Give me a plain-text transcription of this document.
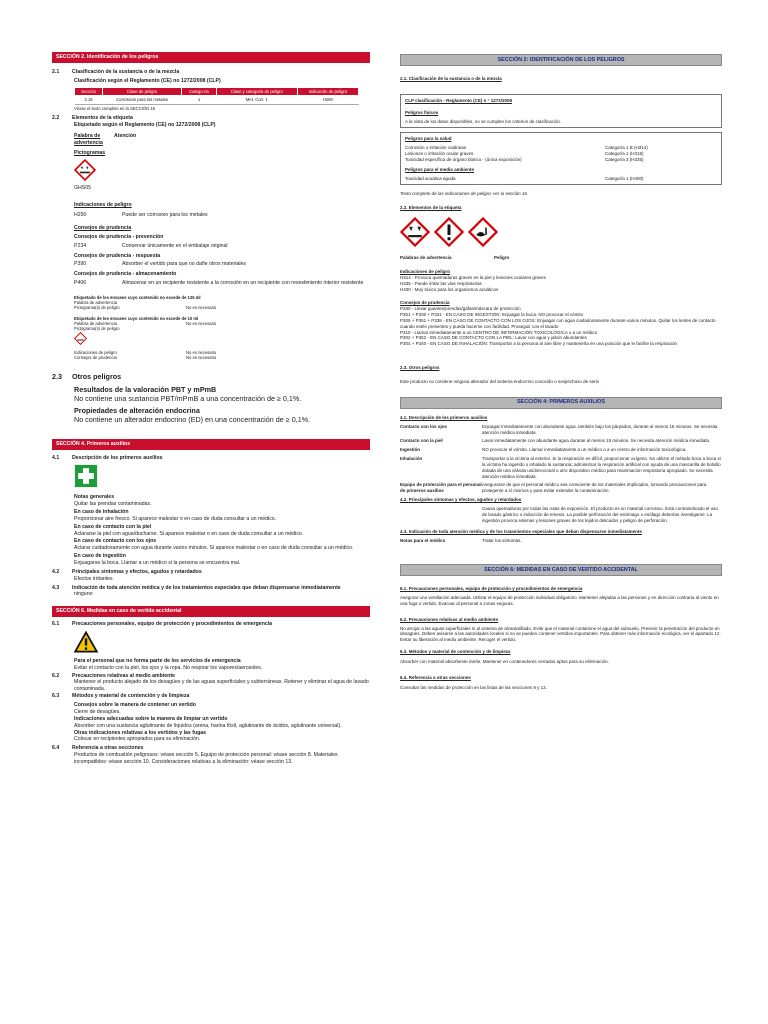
SECCIÓN 2. Identificación de los peligros
2.1 Clasificación de la sustancia o de la mezcla
Clasificación según el Reglamento (CE) no 1272/2008 (CLP)
Sección	Clase de peligro	Catego-ría	Clase y categoría de peligro	Indicación de peligro
2.16	Corrosivos para los metales	1	Met. Corr. 1	H290
Véase el texto completo en la SECCIÓN 16
2.2 Elementos de la etiqueta
Etiquetado según el Reglamento (CE) no 1272/2008 (CLP)
Palabra de advertencia
Atención
Pictogramas
GHS05
Indicaciones de peligro
H290	Puede ser corrosivo para los metales
Consejos de prudencia
Consejos de prudencia - prevención
P234	Conservar únicamente en el embalaje original
Consejos de prudencia - respuesta
P390	Absorber el vertido para que no dañe otros materiales
Consejos de prudencia - almacenamiento
P406	Almacenar en un recipiente resistente a la corrosión en un recipiente con revestimiento interior resistente
Etiquetado de los envases cuyo contenido no excede de 125 ml
Palabra de advertencia
Pictograma(s) de peligro	No es necesario
Etiquetado de los envases cuyo contenido no excede de 10 ml
Palabra de advertencia	No es necesario
Pictograma(s) de peligro
Indicaciones de peligro	No es necesario
Consejos de prudencia	No es necesario
2.3 Otros peligros
Resultados de la valoración PBT y mPmB
No contiene una sustancia PBT/mPmB a una concentración de ≥ 0,1%.
Propiedades de alteración endocrina
No contiene un alterador endocrino (ED) en una concentración de ≥ 0,1%.
SECCIÓN 4. Primeros auxilios
4.1 Descripción de los primeros auxilios
Notas generales
Quitar las prendas contaminadas.
En caso de inhalación
Proporcionar aire fresco. Si aparece malestar o en caso de duda consultar a un médico.
En caso de contacto con la piel
Aclararse la piel con agua/ducharse. Si aparece malestar o en caso de duda consultar a un médico.
En caso de contacto con los ojos
Aclarar cuidadosamente con agua durante varios minutos. Si aparece malestar o en caso de duda consultar a un médico.
En caso de ingestión
Enjuagarse la boca. Llamar a un médico si la persona se encuentra mal.
4.2 Principales síntomas y efectos, agudos y retardados
Efectos irritantes
4.3	Indicación de toda atención médica y de los tratamientos especiales que deban dispensarse inmediatamente
ninguno
SECCIÓN 6. Medidas en caso de vertido accidental
6.1 Precauciones personales, equipo de protección y procedimientos de emergencia
Para el personal que no forma parte de los servicios de emergencia
Evitar el contacto con la piel, los ojos y la ropa. No respirar los vapores/aerosoles.
6.2 Precauciones relativas al medio ambiente
Mantener el producto alejado de los desagües y de las aguas superficiales y subterráneas. Retener y eliminar el agua de lavado contaminada.
6.3 Métodos y material de contención y de limpieza
Consejos sobre la manera de contener un vertido
Cierre de desagües.
Indicaciones adecuadas sobre la manera de limpiar un vertido
Absorber con una sustancia aglutinante de líquidos (arena, harina fósil, aglutinante de ácidos, aglutinante universal).
Otras indicaciones relativas a los vertidos y las fugas
Colocar en recipientes apropiados para su eliminación.
6.4 Referencia a otras secciones
Productos de combustión peligrosos: véase sección 5. Equipo de protección personal: véase sección 8. Materiales incompatibles: véase sección 10. Consideraciones relativas a la eliminación: véase sección 13.
SECCIÓN 2: IDENTIFICACIÓN DE LOS PELIGROS
2.1. Clasificación de la sustancia o de la mezcla
CLP clasificación - Reglamento (CE) n ° 1272/2008
Peligros físicos
A la vista de los datos disponibles, no se cumplen los criterios de clasificación.
Peligros para la salud
Corrosión o irritación cutáneas	Categoría 1 B (H314)
Lesiones o irritación ocular graves	Categoría 1 (H318)
Toxicidad específica de órgano blanco - (única exposición)	Categoría 3 (H335)
Peligros para el medio ambiente
Toxicidad acuática aguda	Categoría 1 (H400)
Texto completo de las indicaciones de peligro: ver la sección 16
2.2. Elementos de la etiqueta
Palabras de advertencia	Peligro
Indicaciones de peligro
H314 - Provoca quemaduras graves en la piel y lesiones oculares graves
H335 - Puede irritar las vías respiratorias
H400 - Muy tóxico para los organismos acuáticos
Consejos de prudencia
P280 - Llevar guantes/prendas/gafas/máscara de protección
P301 + P330 + P331 - EN CASO DE INGESTIÓN: Enjuagar la boca. NO provocar el vómito
P305 + P351 + P338 - EN CASO DE CONTACTO CON LOS OJOS: Enjuagar con agua cuidadosamente durante varios minutos. Quitar los lentes de contacto cuando estén presentes y pueda hacerse con facilidad. Proseguir con el lavado
P310 - Llamar inmediatamente a un CENTRO DE INFORMACIÓN TOXICOLÓGICA o a un médico
P302 + P352 - EN CASO DE CONTACTO CON LA PIEL: Lavar con agua y jabón abundantes
P304 + P340 - EN CASO DE INHALACIÓN: Transportar a la persona al aire libre y mantenerla en una posición que le facilite la respiración
2.3. Otros peligros
Este producto no contiene ninguna alterador del sistema endocrino conocido o sospechoso de serlo
SECCIÓN 4: PRIMEROS AUXILIOS
4.1. Descripción de los primeros auxilios
Contacto con los ojos	Enjuagar inmediatamente con abundante agua, también bajo los párpados, durante al menos 15 minutos. Se necesita atención médica inmediata.
Contacto con la piel	Lavar inmediatamente con abundante agua durante al menos 15 minutos. Se necesita atención médica inmediata.
Ingestión	NO provocar el vómito. Llamar inmediatamente a un médico o a un centro de información toxicológica.
Inhalación	Transportar a la víctima al exterior. Si la respiración es difícil, proporcionar oxígeno. No utilizar el método boca a boca si la víctima ha ingerido o inhalado la sustancia; administrar la respiración artificial con ayuda de una mascarilla de bolsillo dotada de una válvula unidireccional u otro dispositivo médico para reanimación respiratoria apropiado. Se necesita atención médica inmediata.
Equipo de protección para el personal de primeros auxilios
Asegurarse de que el personal médico sea consciente de los materiales implicados, tomando precauciones para protegerse a sí mismos y para evitar extender la contaminación.
4.2. Principales síntomas y efectos, agudos y retardados
Causa quemaduras por todas las rutas de exposición. El producto es un material corrosivo. Está contraindicado el uso de lavado gástrico o inducción de emesis. La posible perforación del estómago o esófago deberían investigarse. La ingestión provoca edemas y lesiones graves de los tejidos delicados y peligro de perforación.
4.3. Indicación de toda atención médica y de los tratamientos especiales que deban dispensarse inmediatamente
Notas para el médico	Tratar los síntomas.
SECCIÓN 6: MEDIDAS EN CASO DE VERTIDO ACCIDENTAL
6.1. Precauciones personales, equipo de protección y procedimientos de emergencia
Asegurar una ventilación adecuada. Utilizar el equipo de protección individual obligatorio. Mantener alejadas a las personas y en dirección contraria al viento en una fuga o vertido. Evacuar al personal a zonas seguras.
6.2. Precauciones relativas al medio ambiente
No arrojar a las aguas superficiales ni al sistema de alcantarillado. Evite que el material contamine el agua del subsuelo. Prevenir la penetración del producto en desagües. Deben avisarse a las autoridades locales si no se pueden contener vertidos importantes. Para obtener más información ecológica, ver el apartado 12. Evitar su liberación al medio ambiente. Recoger el vertido.
6.3. Métodos y material de contención y de limpieza
Absorber con material absorbente inerte. Mantener en contenedores cerrados aptos para su eliminación.
6.4. Referencia a otras secciones
Consultar las medidas de protección en las listas de las secciones 8 y 13.
